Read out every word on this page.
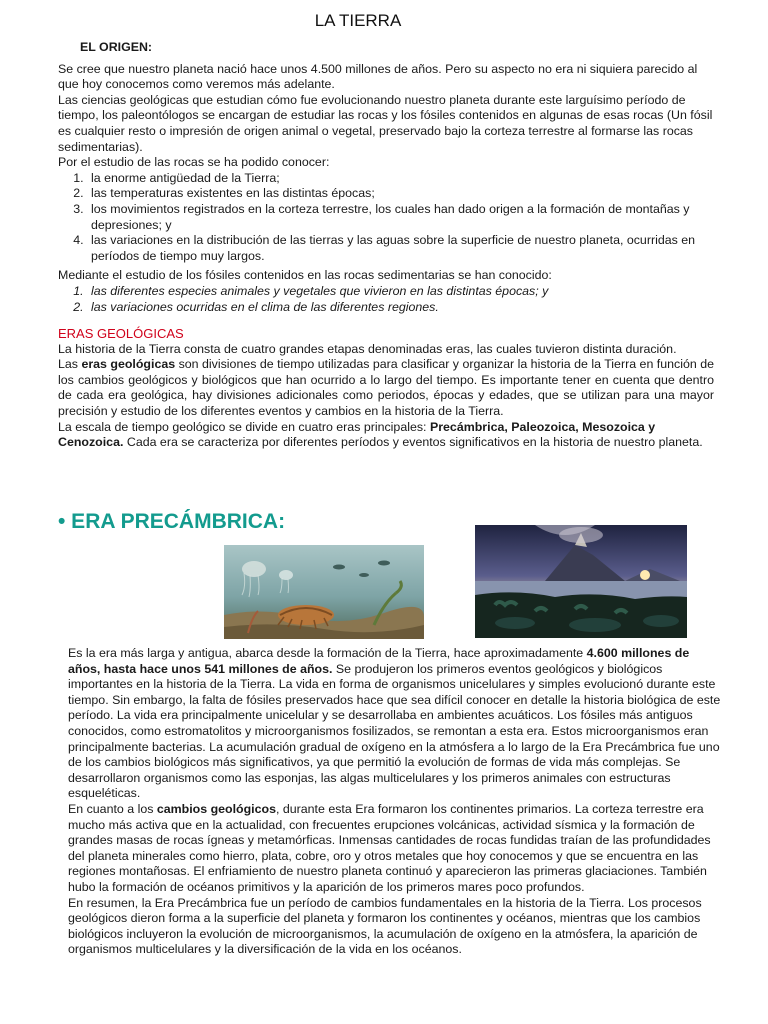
LA TIERRA
EL ORIGEN:

Se cree que nuestro planeta nació hace unos 4.500 millones de años. Pero su aspecto no era ni siquiera parecido al que hoy conocemos como veremos más adelante.

Las ciencias geológicas que estudian cómo fue evolucionando nuestro planeta durante este larguísimo período de tiempo, los paleontólogos se encargan de estudiar las rocas y los fósiles contenidos en algunas de esas rocas (Un fósil es cualquier resto o impresión de origen animal o vegetal, preservado bajo la corteza terrestre al formarse las rocas sedimentarias).

Por el estudio de las rocas se ha podido conocer:

1. la enorme antigüedad de la Tierra;
2. las temperaturas existentes en las distintas épocas;
3. los movimientos registrados en la corteza terrestre, los cuales han dado origen a la formación de montañas y depresiones; y
4. las variaciones en la distribución de las tierras y las aguas sobre la superficie de nuestro planeta, ocurridas en períodos de tiempo muy largos.

Mediante el estudio de los fósiles contenidos en las rocas sedimentarias se han conocido:

1. las diferentes especies animales y vegetales que vivieron en las distintas épocas; y
2. las variaciones ocurridas en el clima de las diferentes regiones.
ERAS GEOLÓGICAS

La historia de la Tierra consta de cuatro grandes etapas denominadas eras, las cuales tuvieron distinta duración.

Las eras geológicas son divisiones de tiempo utilizadas para clasificar y organizar la historia de la Tierra en función de los cambios geológicos y biológicos que han ocurrido a lo largo del tiempo. Es importante tener en cuenta que dentro de cada era geológica, hay divisiones adicionales como periodos, épocas y edades, que se utilizan para una mayor precisión y estudio de los diferentes eventos y cambios en la historia de la Tierra.

La escala de tiempo geológico se divide en cuatro eras principales: Precámbrica, Paleozoica, Mesozoica y Cenozoica. Cada era se caracteriza por diferentes períodos y eventos significativos en la historia de nuestro planeta.

• ERA PRECÁMBRICA:

Es la era más larga y antigua, abarca desde la formación de la Tierra, hace aproximadamente 4.600 millones de años, hasta hace unos 541 millones de años. Se produjeron los primeros eventos geológicos y biológicos importantes en la historia de la Tierra. La vida en forma de organismos unicelulares y simples evolucionó durante este tiempo. Sin embargo, la falta de fósiles preservados hace que sea difícil conocer en detalle la historia biológica de este período. La vida era principalmente unicelular y se desarrollaba en ambientes acuáticos. Los fósiles más antiguos conocidos, como estromatolitos y microorganismos fosilizados, se remontan a esta era. Estos microorganismos eran principalmente bacterias. La acumulación gradual de oxígeno en la atmósfera a lo largo de la Era Precámbrica fue uno de los cambios biológicos más significativos, ya que permitió la evolución de formas de vida más complejas. Se desarrollaron organismos como las esponjas, las algas multicelulares y los primeros animales con estructuras esqueléticas.

En cuanto a los cambios geológicos, durante esta Era formaron los continentes primarios. La corteza terrestre era mucho más activa que en la actualidad, con frecuentes erupciones volcánicas, actividad sísmica y la formación de grandes masas de rocas ígneas y metamórficas. Inmensas cantidades de rocas fundidas traían de las profundidades del planeta minerales como hierro, plata, cobre, oro y otros metales que hoy conocemos y que se encuentra en las regiones montañosas. El enfriamiento de nuestro planeta continuó y aparecieron las primeras glaciaciones. También hubo la formación de océanos primitivos y la aparición de los primeros mares poco profundos.

En resumen, la Era Precámbrica fue un período de cambios fundamentales en la historia de la Tierra. Los procesos geológicos dieron forma a la superficie del planeta y formaron los continentes y océanos, mientras que los cambios biológicos incluyeron la evolución de microorganismos, la acumulación de oxígeno en la atmósfera, la aparición de organismos multicelulares y la diversificación de la vida en los océanos.
